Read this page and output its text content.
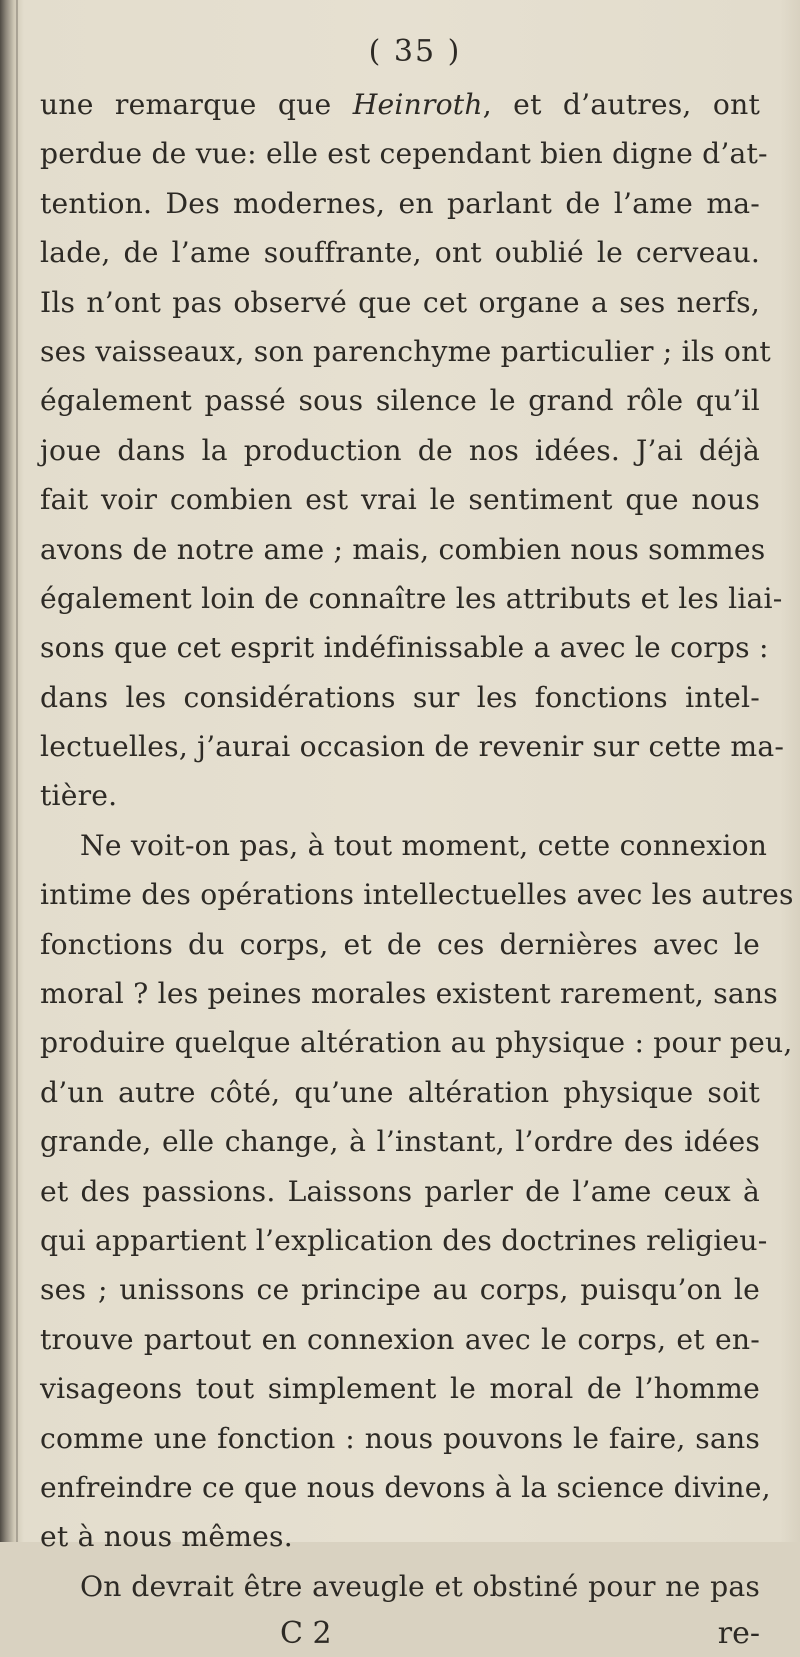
( 35 )
une remarque que Heinroth, et d’autres, ont
perdue de vue: elle est cependant bien digne d’at-
tention. Des modernes, en parlant de l’ame ma-
lade, de l’ame souffrante, ont oublié le cerveau.
Ils n’ont pas observé que cet organe a ses nerfs,
ses vaisseaux, son parenchyme particulier ; ils ont
également passé sous silence le grand rôle qu’il
joue dans la production de nos idées. J’ai déjà
fait voir combien est vrai le sentiment que nous
avons de notre ame ; mais, combien nous sommes
également loin de connaître les attributs et les liai-
sons que cet esprit indéfinissable a avec le corps :
dans les considérations sur les fonctions intel-
lectuelles, j’aurai occasion de revenir sur cette ma-
tière.
Ne voit-on pas, à tout moment, cette connexion
intime des opérations intellectuelles avec les autres
fonctions du corps, et de ces dernières avec le
moral ? les peines morales existent rarement, sans
produire quelque altération au physique : pour peu,
d’un autre côté, qu’une altération physique soit
grande, elle change, à l’instant, l’ordre des idées
et des passions. Laissons parler de l’ame ceux à
qui appartient l’explication des doctrines religieu-
ses ; unissons ce principe au corps, puisqu’on le
trouve partout en connexion avec le corps, et en-
visageons tout simplement le moral de l’homme
comme une fonction : nous pouvons le faire, sans
enfreindre ce que nous devons à la science divine,
et à nous mêmes.
On devrait être aveugle et obstiné pour ne pas
C 2	re-
